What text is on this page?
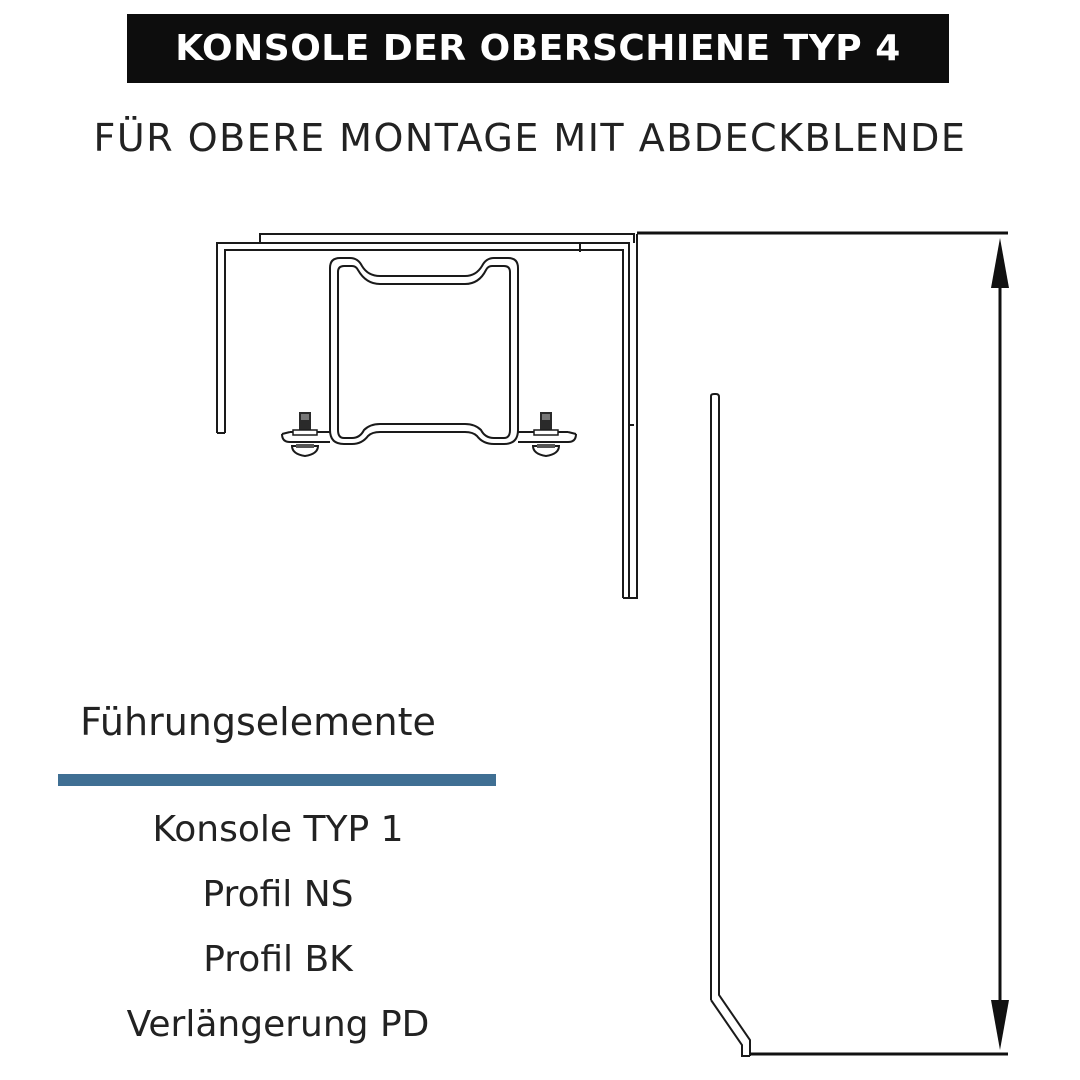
KONSOLE DER OBERSCHIENE TYP 4
FÜR OBERE MONTAGE MIT ABDECKBLENDE
Führungselemente
Konsole TYP 1
Profil NS
Profil BK
Verlängerung PD
